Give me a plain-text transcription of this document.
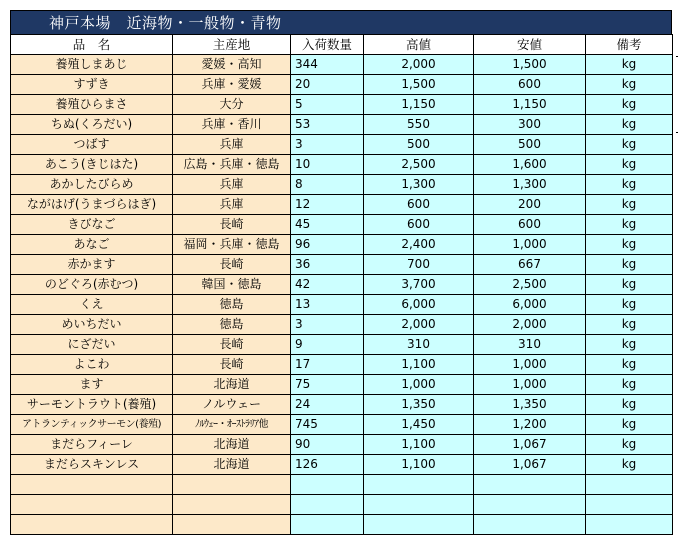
神戸本場　近海物・一般物・青物
品　名	主産地	入荷数量	高値	安値	備考
養殖しまあじ	愛媛・高知	344	2,000	1,500	kg
すずき	兵庫・愛媛	20	1,500	600	kg
養殖ひらまさ	大分	5	1,150	1,150	kg
ちぬ(くろだい)	兵庫・香川	53	550	300	kg
つばす	兵庫	3	500	500	kg
あこう(きじはた)	広島・兵庫・徳島	10	2,500	1,600	kg
あかしたびらめ	兵庫	8	1,300	1,300	kg
ながはげ(うまづらはぎ)	兵庫	12	600	200	kg
きびなご	長崎	45	600	600	kg
あなご	福岡・兵庫・徳島	96	2,400	1,000	kg
赤かます	長崎	36	700	667	kg
のどぐろ(赤むつ)	韓国・徳島	42	3,700	2,500	kg
くえ	徳島	13	6,000	6,000	kg
めいちだい	徳島	3	2,000	2,000	kg
にざだい	長崎	9	310	310	kg
よこわ	長崎	17	1,100	1,000	kg
ます	北海道	75	1,000	1,000	kg
サーモントラウト(養殖)	ノルウェー	24	1,350	1,350	kg
アトランティックサーモン(養殖)	ﾉﾙｳｪｰ・ｵｰｽﾄﾗﾘｱ他	745	1,450	1,200	kg
まだらフィーレ	北海道	90	1,100	1,067	kg
まだらスキンレス	北海道	126	1,100	1,067	kg
